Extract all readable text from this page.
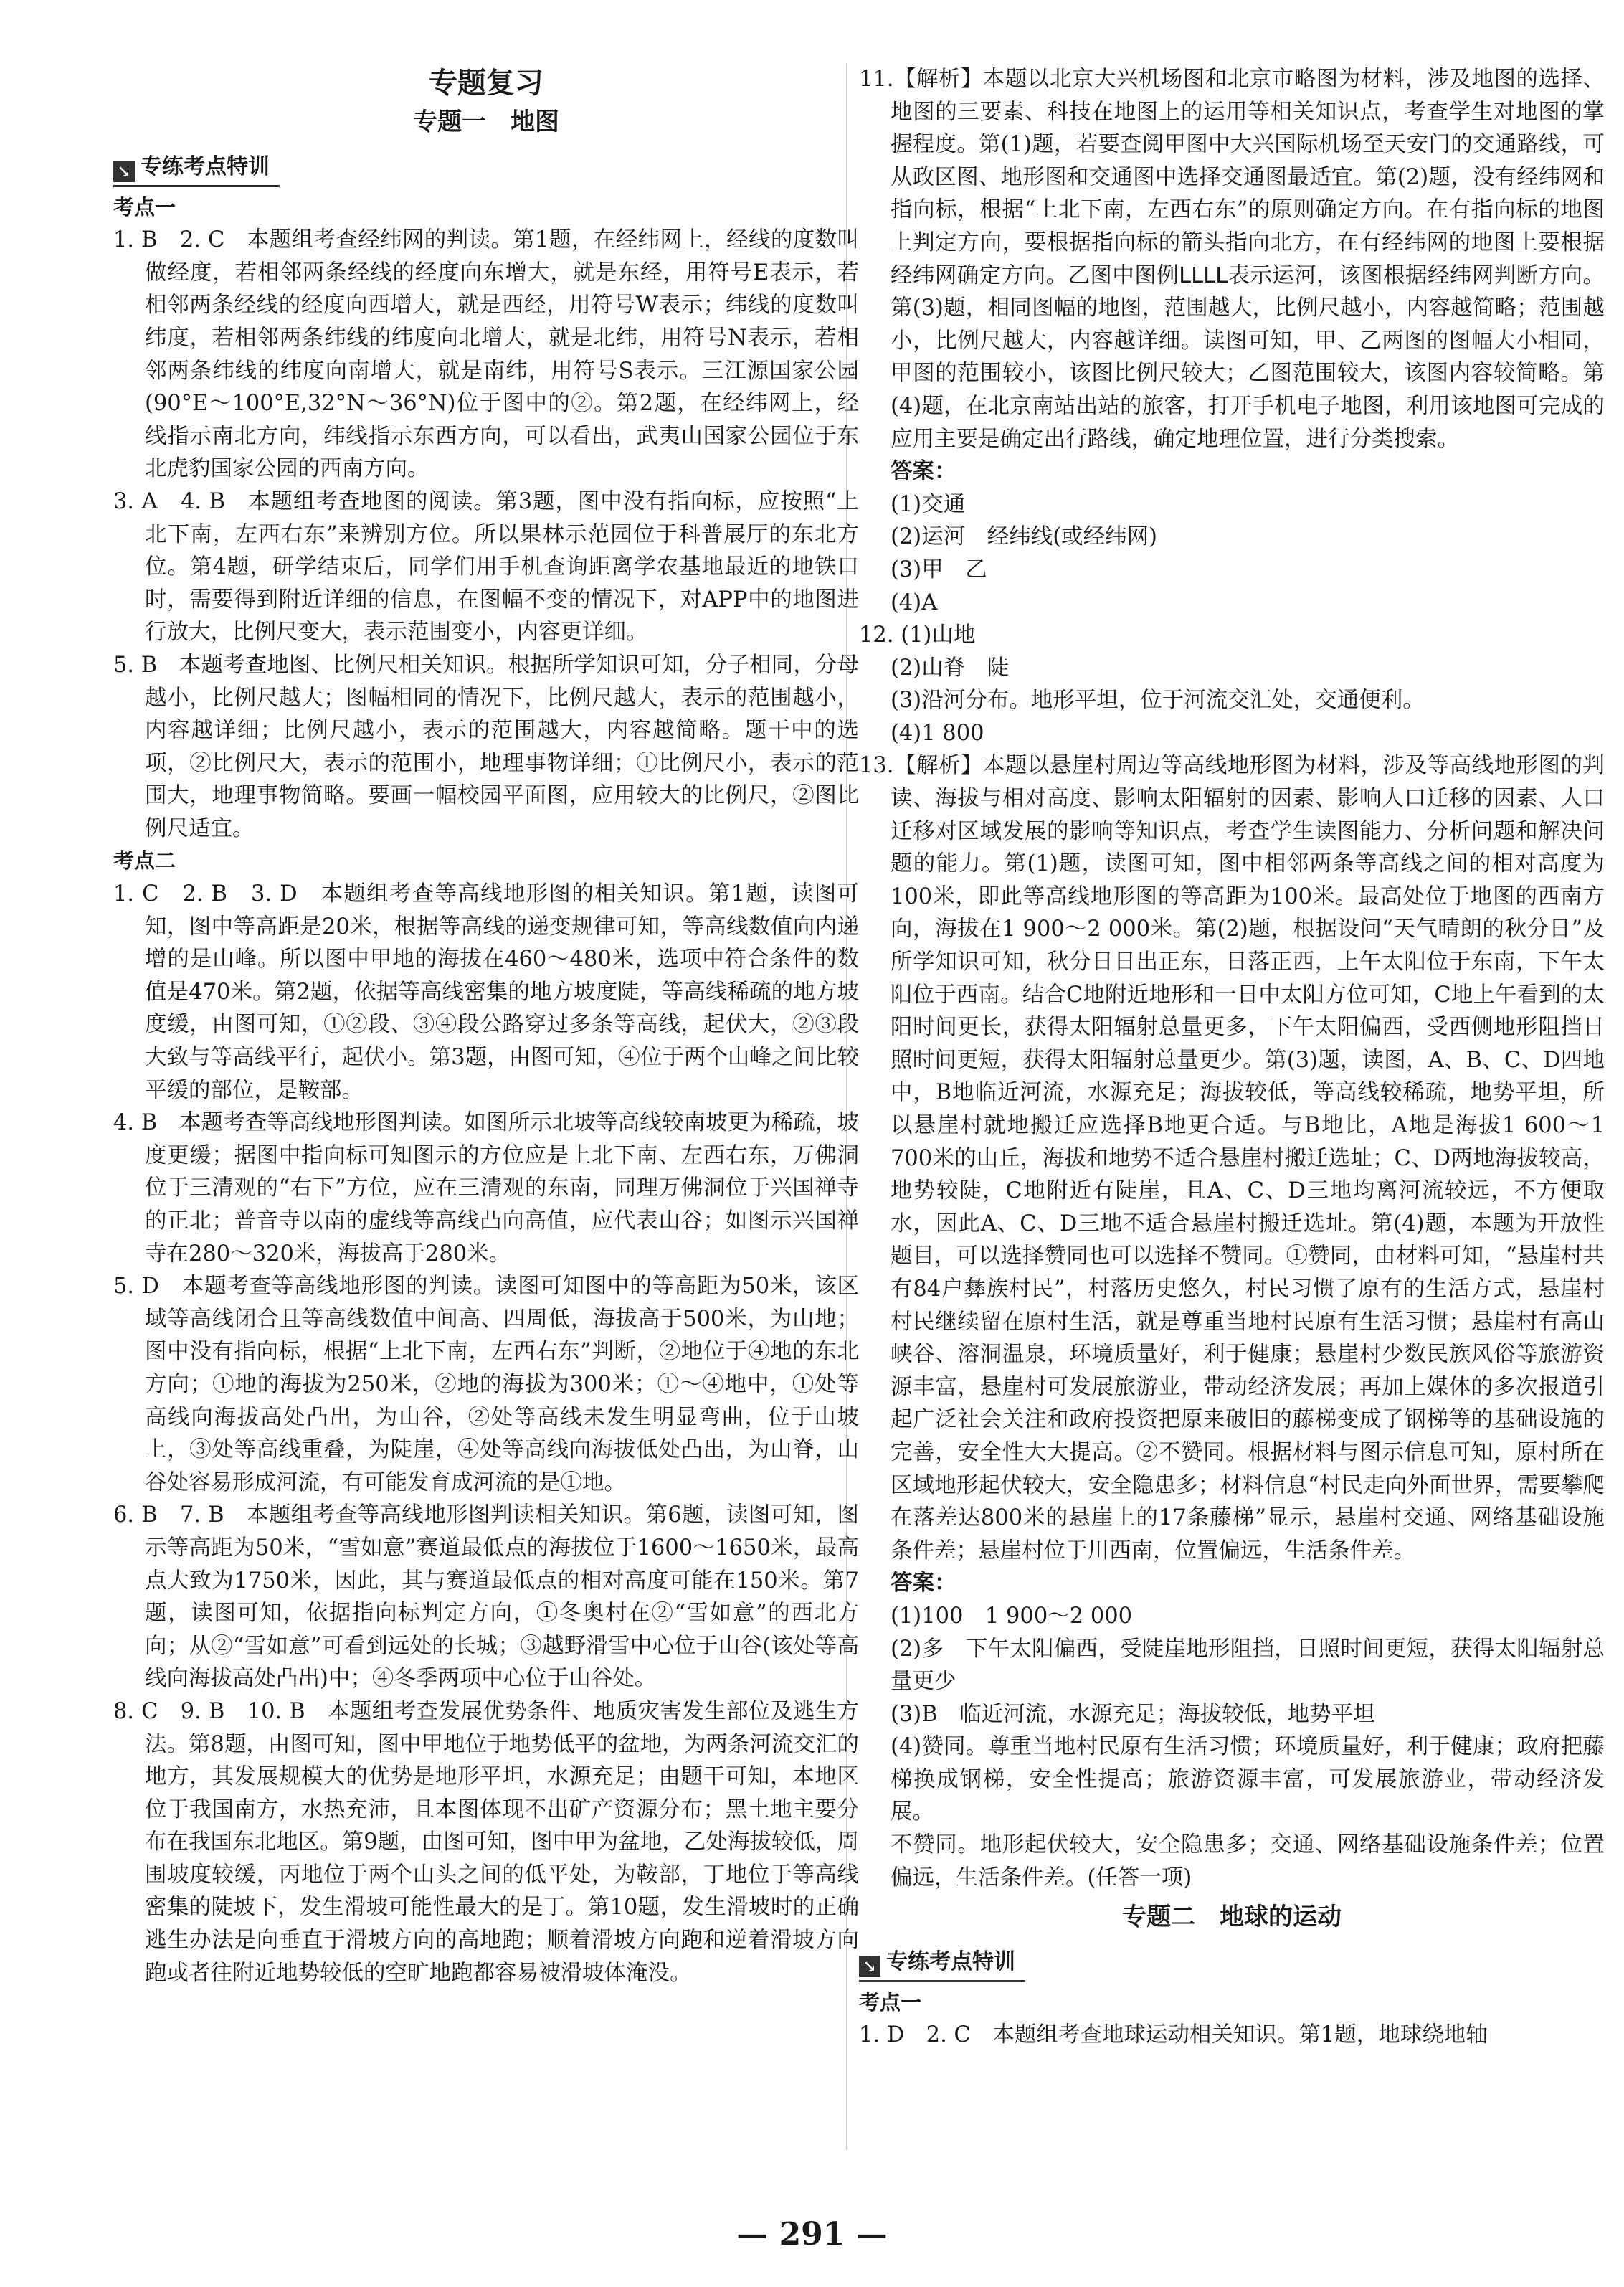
专题复习
专题一　地图
↘ 专练考点特训
考点一

1. B　2. C　本题组考查经纬网的判读。第1题，在经纬网上，经线的度数叫做经度，若相邻两条经线的经度向东增大，就是东经，用符号E表示，若相邻两条经线的经度向西增大，就是西经，用符号W表示；纬线的度数叫纬度，若相邻两条纬线的纬度向北增大，就是北纬，用符号N表示，若相邻两条纬线的纬度向南增大，就是南纬，用符号S表示。三江源国家公园(90°E～100°E,32°N～36°N)位于图中的②。第2题，在经纬网上，经线指示南北方向，纬线指示东西方向，可以看出，武夷山国家公园位于东北虎豹国家公园的西南方向。

3. A　4. B　本题组考查地图的阅读。第3题，图中没有指向标，应按照“上北下南，左西右东”来辨别方位。所以果林示范园位于科普展厅的东北方位。第4题，研学结束后，同学们用手机查询距离学农基地最近的地铁口时，需要得到附近详细的信息，在图幅不变的情况下，对APP中的地图进行放大，比例尺变大，表示范围变小，内容更详细。

5. B　本题考查地图、比例尺相关知识。根据所学知识可知，分子相同，分母越小，比例尺越大；图幅相同的情况下，比例尺越大，表示的范围越小，内容越详细；比例尺越小，表示的范围越大，内容越简略。题干中的选项，②比例尺大，表示的范围小，地理事物详细；①比例尺小，表示的范围大，地理事物简略。要画一幅校园平面图，应用较大的比例尺，②图比例尺适宜。

考点二

1. C　2. B　3. D　本题组考查等高线地形图的相关知识。第1题，读图可知，图中等高距是20米，根据等高线的递变规律可知，等高线数值向内递增的是山峰。所以图中甲地的海拔在460～480米，选项中符合条件的数值是470米。第2题，依据等高线密集的地方坡度陡，等高线稀疏的地方坡度缓，由图可知，①②段、③④段公路穿过多条等高线，起伏大，②③段大致与等高线平行，起伏小。第3题，由图可知，④位于两个山峰之间比较平缓的部位，是鞍部。

4. B　本题考查等高线地形图判读。如图所示北坡等高线较南坡更为稀疏，坡度更缓；据图中指向标可知图示的方位应是上北下南、左西右东，万佛洞位于三清观的“右下”方位，应在三清观的东南，同理万佛洞位于兴国禅寺的正北；普音寺以南的虚线等高线凸向高值，应代表山谷；如图示兴国禅寺在280～320米，海拔高于280米。

5. D　本题考查等高线地形图的判读。读图可知图中的等高距为50米，该区域等高线闭合且等高线数值中间高、四周低，海拔高于500米，为山地；图中没有指向标，根据“上北下南，左西右东”判断，②地位于④地的东北方向；①地的海拔为250米，②地的海拔为300米；①～④地中，①处等高线向海拔高处凸出，为山谷，②处等高线未发生明显弯曲，位于山坡上，③处等高线重叠，为陡崖，④处等高线向海拔低处凸出，为山脊，山谷处容易形成河流，有可能发育成河流的是①地。

6. B　7. B　本题组考查等高线地形图判读相关知识。第6题，读图可知，图示等高距为50米，“雪如意”赛道最低点的海拔位于1600～1650米，最高点大致为1750米，因此，其与赛道最低点的相对高度可能在150米。第7题，读图可知，依据指向标判定方向，①冬奥村在②“雪如意”的西北方向；从②“雪如意”可看到远处的长城；③越野滑雪中心位于山谷(该处等高线向海拔高处凸出)中；④冬季两项中心位于山谷处。

8. C　9. B　10. B　本题组考查发展优势条件、地质灾害发生部位及逃生方法。第8题，由图可知，图中甲地位于地势低平的盆地，为两条河流交汇的地方，其发展规模大的优势是地形平坦，水源充足；由题干可知，本地区位于我国南方，水热充沛，且本图体现不出矿产资源分布；黑土地主要分布在我国东北地区。第9题，由图可知，图中甲为盆地，乙处海拔较低，周围坡度较缓，丙地位于两个山头之间的低平处，为鞍部，丁地位于等高线密集的陡坡下，发生滑坡可能性最大的是丁。第10题，发生滑坡时的正确逃生办法是向垂直于滑坡方向的高地跑；顺着滑坡方向跑和逆着滑坡方向跑或者往附近地势较低的空旷地跑都容易被滑坡体淹没。

11.【解析】本题以北京大兴机场图和北京市略图为材料，涉及地图的选择、地图的三要素、科技在地图上的运用等相关知识点，考查学生对地图的掌握程度。第(1)题，若要查阅甲图中大兴国际机场至天安门的交通路线，可从政区图、地形图和交通图中选择交通图最适宜。第(2)题，没有经纬网和指向标，根据“上北下南，左西右东”的原则确定方向。在有指向标的地图上判定方向，要根据指向标的箭头指向北方，在有经纬网的地图上要根据经纬网确定方向。乙图中图例ᒪᒪᒪᒪ表示运河，该图根据经纬网判断方向。第(3)题，相同图幅的地图，范围越大，比例尺越小，内容越简略；范围越小，比例尺越大，内容越详细。读图可知，甲、乙两图的图幅大小相同，甲图的范围较小，该图比例尺较大；乙图范围较大，该图内容较简略。第(4)题，在北京南站出站的旅客，打开手机电子地图，利用该地图可完成的应用主要是确定出行路线，确定地理位置，进行分类搜索。

答案：

(1)交通

(2)运河　经纬线(或经纬网)

(3)甲　乙

(4)A

12. (1)山地

(2)山脊　陡

(3)沿河分布。地形平坦，位于河流交汇处，交通便利。

(4)1 800

13.【解析】本题以悬崖村周边等高线地形图为材料，涉及等高线地形图的判读、海拔与相对高度、影响太阳辐射的因素、影响人口迁移的因素、人口迁移对区域发展的影响等知识点，考查学生读图能力、分析问题和解决问题的能力。第(1)题，读图可知，图中相邻两条等高线之间的相对高度为100米，即此等高线地形图的等高距为100米。最高处位于地图的西南方向，海拔在1 900～2 000米。第(2)题，根据设问“天气晴朗的秋分日”及所学知识可知，秋分日日出正东，日落正西，上午太阳位于东南，下午太阳位于西南。结合C地附近地形和一日中太阳方位可知，C地上午看到的太阳时间更长，获得太阳辐射总量更多，下午太阳偏西，受西侧地形阻挡日照时间更短，获得太阳辐射总量更少。第(3)题，读图，A、B、C、D四地中，B地临近河流，水源充足；海拔较低，等高线较稀疏，地势平坦，所以悬崖村就地搬迁应选择B地更合适。与B地比，A地是海拔1 600～1 700米的山丘，海拔和地势不适合悬崖村搬迁选址；C、D两地海拔较高，地势较陡，C地附近有陡崖，且A、C、D三地均离河流较远，不方便取水，因此A、C、D三地不适合悬崖村搬迁选址。第(4)题，本题为开放性题目，可以选择赞同也可以选择不赞同。①赞同，由材料可知，“悬崖村共有84户彝族村民”，村落历史悠久，村民习惯了原有的生活方式，悬崖村村民继续留在原村生活，就是尊重当地村民原有生活习惯；悬崖村有高山峡谷、溶洞温泉，环境质量好，利于健康；悬崖村少数民族风俗等旅游资源丰富，悬崖村可发展旅游业，带动经济发展；再加上媒体的多次报道引起广泛社会关注和政府投资把原来破旧的藤梯变成了钢梯等的基础设施的完善，安全性大大提高。②不赞同。根据材料与图示信息可知，原村所在区域地形起伏较大，安全隐患多；材料信息“村民走向外面世界，需要攀爬在落差达800米的悬崖上的17条藤梯”显示，悬崖村交通、网络基础设施条件差；悬崖村位于川西南，位置偏远，生活条件差。

答案：

(1)100　1 900～2 000

(2)多　下午太阳偏西，受陡崖地形阻挡，日照时间更短，获得太阳辐射总量更少

(3)B　临近河流，水源充足；海拔较低，地势平坦

(4)赞同。尊重当地村民原有生活习惯；环境质量好，利于健康；政府把藤梯换成钢梯，安全性提高；旅游资源丰富，可发展旅游业，带动经济发展。

不赞同。地形起伏较大，安全隐患多；交通、网络基础设施条件差；位置偏远，生活条件差。(任答一项)

专题二　地球的运动
↘ 专练考点特训
考点一

1. D　2. C　本题组考查地球运动相关知识。第1题，地球绕地轴

— 291 —
